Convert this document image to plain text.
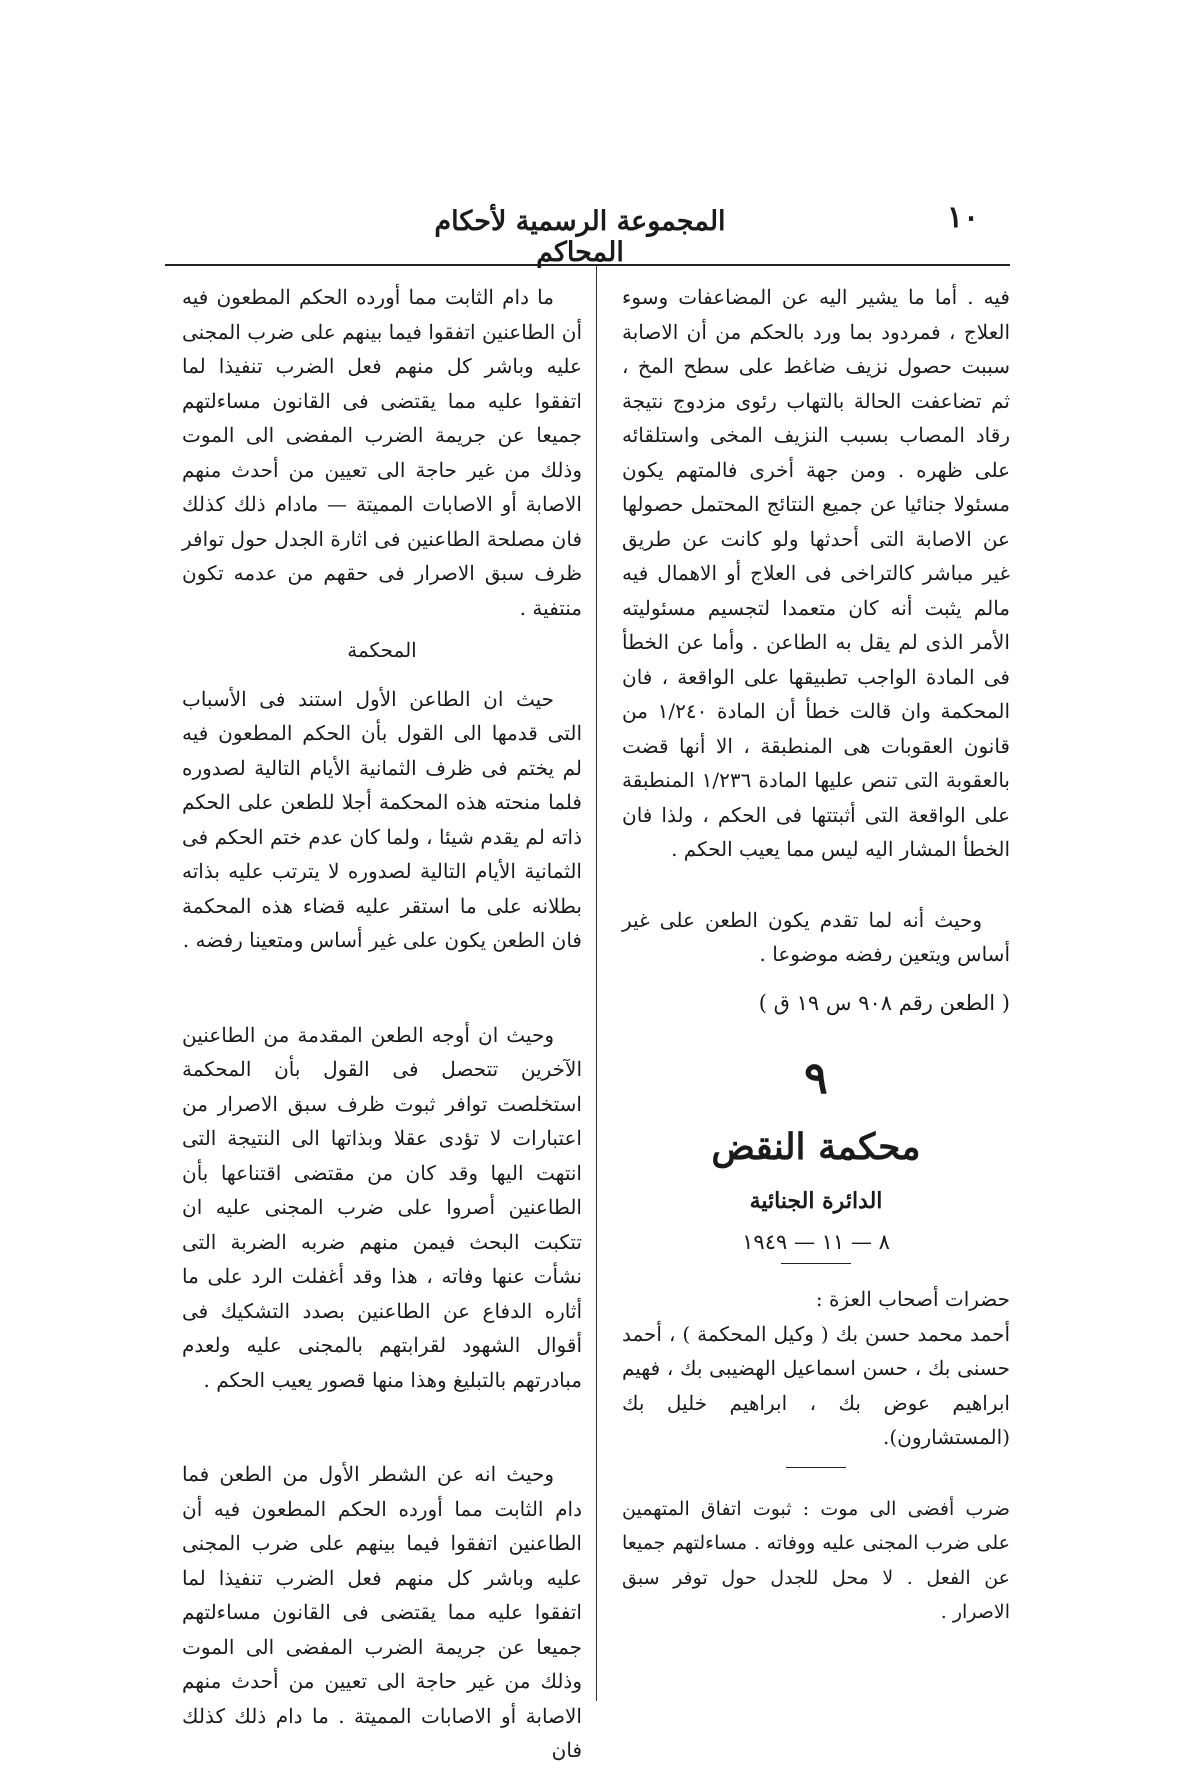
١٠
المجموعة الرسمية لأحكام المحاكم

فيه . أما ما يشير اليه عن المضاعفات وسوء العلاج ، فمردود بما ورد بالحكم من أن الاصابة سببت حصول نزيف ضاغط على سطح المخ ، ثم تضاعفت الحالة بالتهاب رئوى مزدوج نتيجة رقاد المصاب بسبب النزيف المخى واستلقائه على ظهره . ومن جهة أخرى فالمتهم يكون مسئولا جنائيا عن جميع النتائج المحتمل حصولها عن الاصابة التى أحدثها ولو كانت عن طريق غير مباشر كالتراخى فى العلاج أو الاهمال فيه مالم يثبت أنه كان متعمدا لتجسيم مسئوليته الأمر الذى لم يقل به الطاعن . وأما عن الخطأ فى المادة الواجب تطبيقها على الواقعة ، فان المحكمة وان قالت خطأ أن المادة ١/٢٤٠ من قانون العقوبات هى المنطبقة ، الا أنها قضت بالعقوبة التى تنص عليها المادة ١/٢٣٦ المنطبقة على الواقعة التى أثبتتها فى الحكم ، ولذا فان الخطأ المشار اليه ليس مما يعيب الحكم .

وحيث أنه لما تقدم يكون الطعن على غير أساس ويتعين رفضه موضوعا .

( الطعن رقم ٩٠٨ س ١٩ ق )

٩
محكمة النقض
الدائرة الجنائية
٨ — ١١ — ١٩٤٩

حضرات أصحاب العزة :

أحمد محمد حسن بك ( وكيل المحكمة ) ، أحمد حسنى بك ، حسن اسماعيل الهضيبى بك ، فهيم ابراهيم عوض بك ، ابراهيم خليل بك (المستشارون).

ضرب أفضى الى موت : ثبوت اتفاق المتهمين على ضرب المجنى عليه ووفاته . مساءلتهم جميعا عن الفعل . لا محل للجدل حول توفر سبق الاصرار .

ما دام الثابت مما أورده الحكم المطعون فيه أن الطاعنين اتفقوا فيما بينهم على ضرب المجنى عليه وباشر كل منهم فعل الضرب تنفيذا لما اتفقوا عليه مما يقتضى فى القانون مساءلتهم جميعا عن جريمة الضرب المفضى الى الموت وذلك من غير حاجة الى تعيين من أحدث منهم الاصابة أو الاصابات المميتة — مادام ذلك كذلك فان مصلحة الطاعنين فى اثارة الجدل حول توافر ظرف سبق الاصرار فى حقهم من عدمه تكون منتفية .

المحكمة

حيث ان الطاعن الأول استند فى الأسباب التى قدمها الى القول بأن الحكم المطعون فيه لم يختم فى ظرف الثمانية الأيام التالية لصدوره فلما منحته هذه المحكمة أجلا للطعن على الحكم ذاته لم يقدم شيئا ، ولما كان عدم ختم الحكم فى الثمانية الأيام التالية لصدوره لا يترتب عليه بذاته بطلانه على ما استقر عليه قضاء هذه المحكمة فان الطعن يكون على غير أساس ومتعينا رفضه .

وحيث ان أوجه الطعن المقدمة من الطاعنين الآخرين تتحصل فى القول بأن المحكمة استخلصت توافر ثبوت ظرف سبق الاصرار من اعتبارات لا تؤدى عقلا وبذاتها الى النتيجة التى انتهت اليها وقد كان من مقتضى اقتناعها بأن الطاعنين أصروا على ضرب المجنى عليه ان تتكبت البحث فيمن منهم ضربه الضربة التى نشأت عنها وفاته ، هذا وقد أغفلت الرد على ما أثاره الدفاع عن الطاعنين بصدد التشكيك فى أقوال الشهود لقرابتهم بالمجنى عليه ولعدم مبادرتهم بالتبليغ وهذا منها قصور يعيب الحكم .

وحيث انه عن الشطر الأول من الطعن فما دام الثابت مما أورده الحكم المطعون فيه أن الطاعنين اتفقوا فيما بينهم على ضرب المجنى عليه وباشر كل منهم فعل الضرب تنفيذا لما اتفقوا عليه مما يقتضى فى القانون مساءلتهم جميعا عن جريمة الضرب المفضى الى الموت وذلك من غير حاجة الى تعيين من أحدث منهم الاصابة أو الاصابات المميتة . ما دام ذلك كذلك فان
